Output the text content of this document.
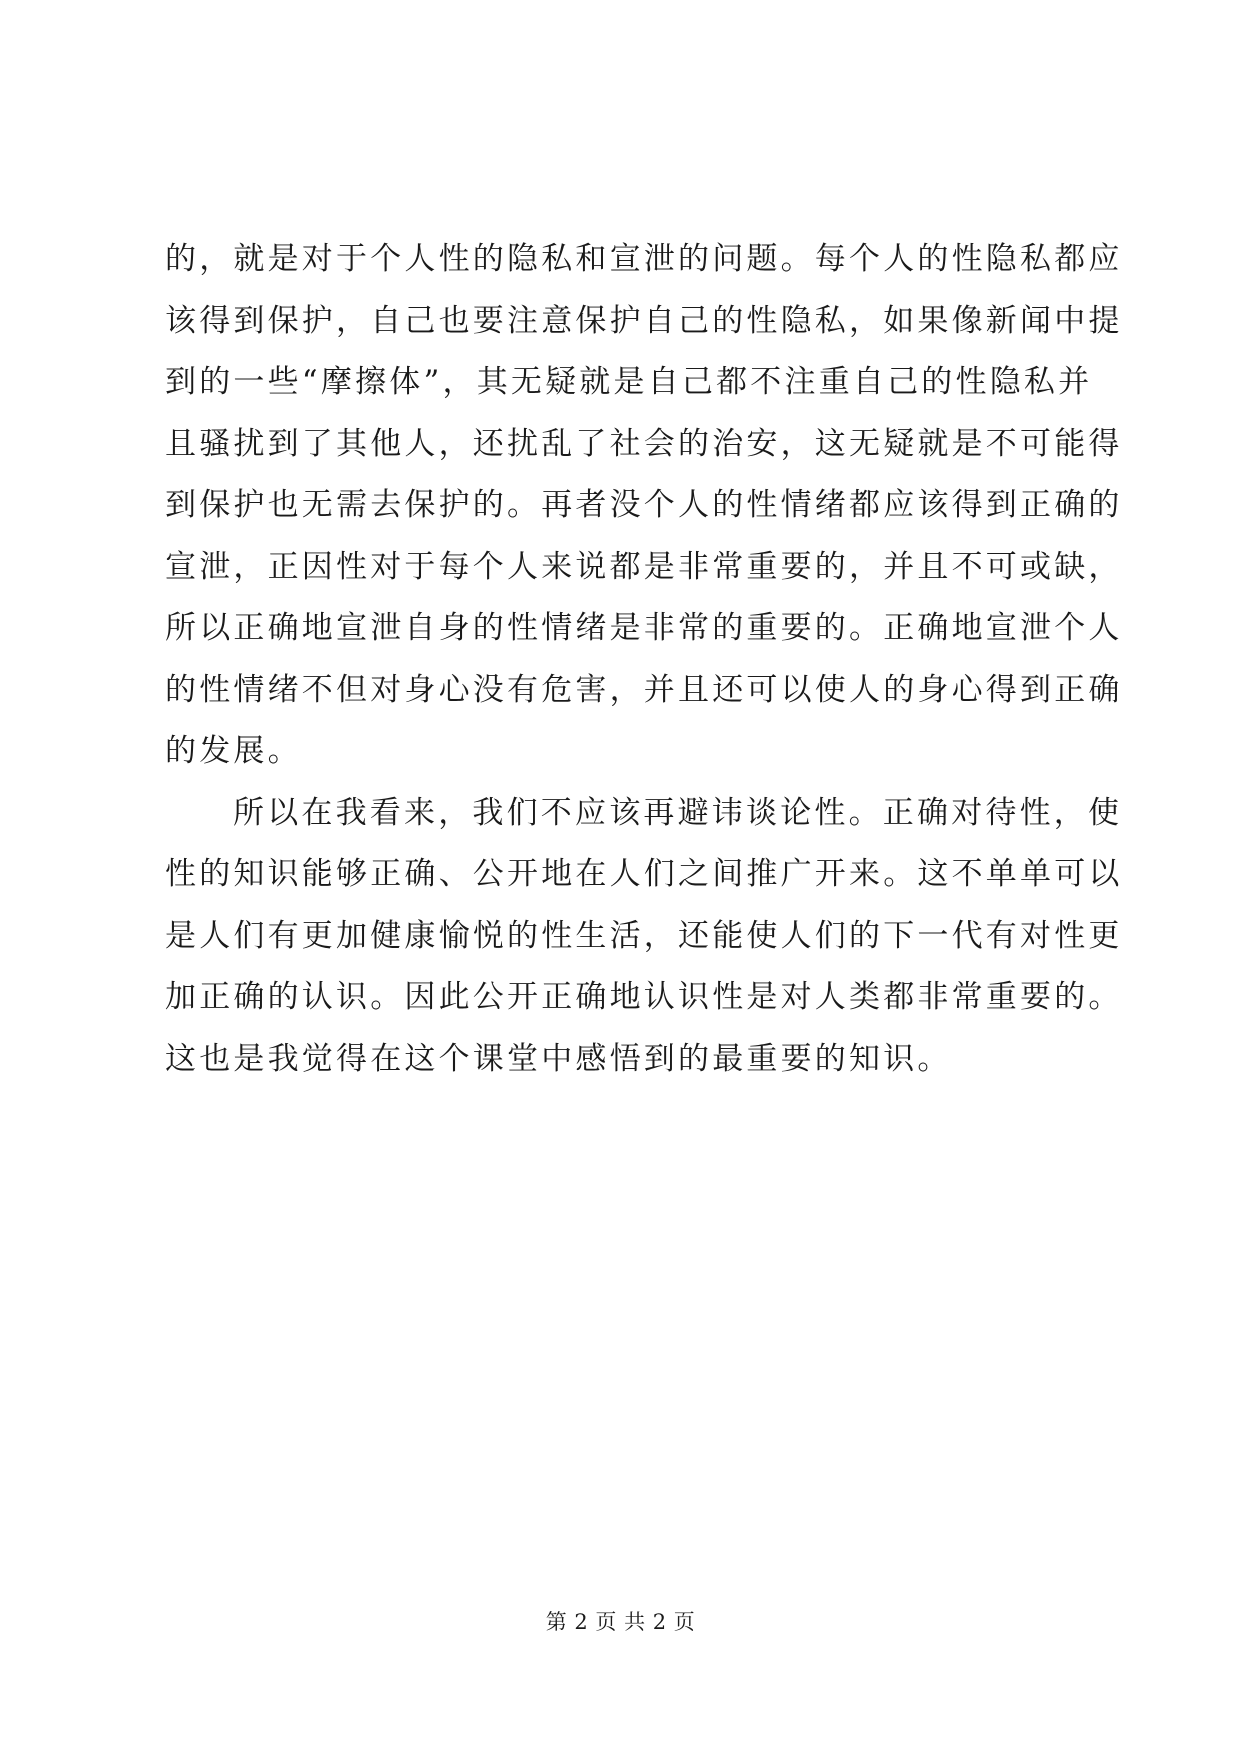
的，就是对于个人性的隐私和宣泄的问题。每个人的性隐私都应
该得到保护，自己也要注意保护自己的性隐私，如果像新闻中提
到的一些“摩擦体”，其无疑就是自己都不注重自己的性隐私并
且骚扰到了其他人，还扰乱了社会的治安，这无疑就是不可能得
到保护也无需去保护的。再者没个人的性情绪都应该得到正确的
宣泄，正因性对于每个人来说都是非常重要的，并且不可或缺，
所以正确地宣泄自身的性情绪是非常的重要的。正确地宣泄个人
的性情绪不但对身心没有危害，并且还可以使人的身心得到正确
的发展。
所以在我看来，我们不应该再避讳谈论性。正确对待性，使
性的知识能够正确、公开地在人们之间推广开来。这不单单可以
是人们有更加健康愉悦的性生活，还能使人们的下一代有对性更
加正确的认识。因此公开正确地认识性是对人类都非常重要的。
这也是我觉得在这个课堂中感悟到的最重要的知识。
第 2 页 共 2 页
